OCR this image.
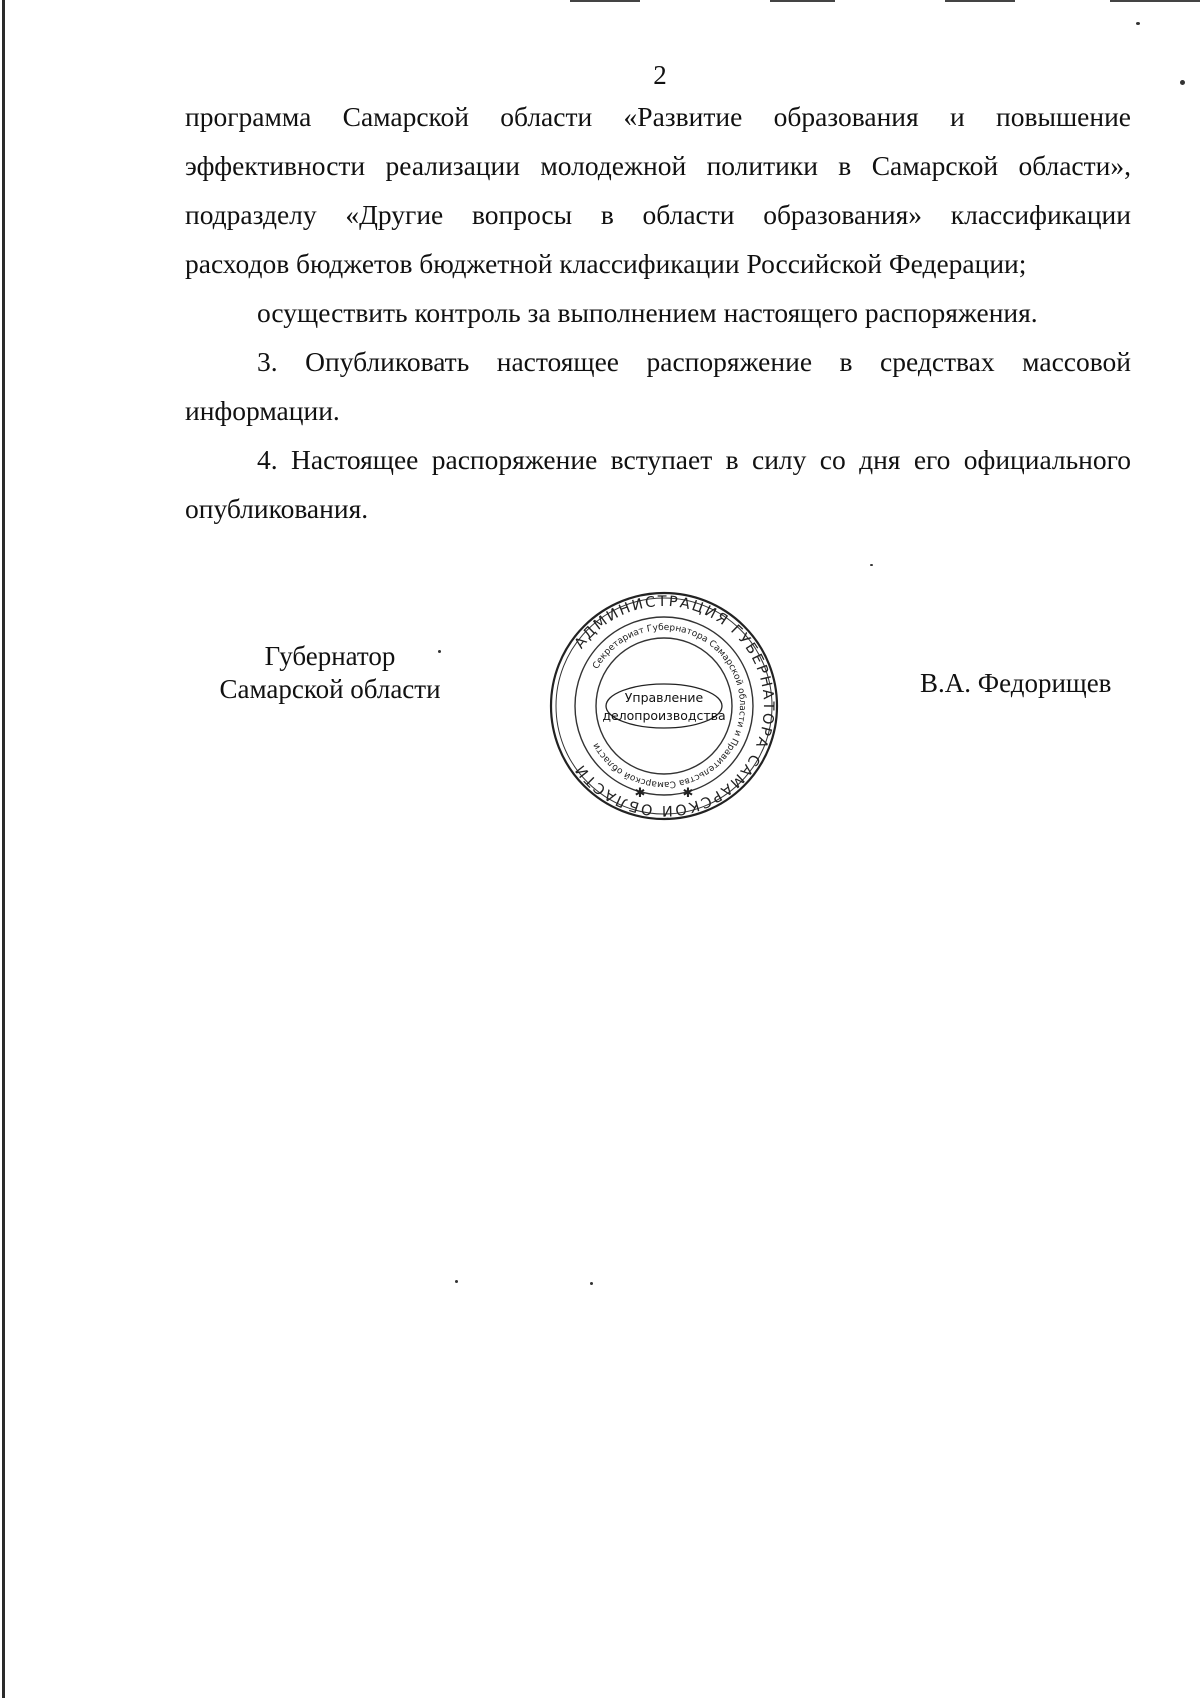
2
программа Самарской области «Развитие образования и повышение
эффективности реализации молодежной политики в Самарской области»,
подразделу «Другие вопросы в области образования» классификации
расходов бюджетов бюджетной классификации Российской Федерации;
осуществить контроль за выполнением настоящего распоряжения.
3. Опубликовать настоящее распоряжение в средствах массовой
информации.
4. Настоящее распоряжение вступает в силу со дня его официального
опубликования.
Губернатор
Самарской области
АДМИНИСТРАЦИЯ ГУБЕРНАТОРА САМАРСКОЙ ОБЛАСТИ
Секретариат Губернатора Самарской области и Правительства Самарской области
Управление
делопроизводства
✱	✱
В.А. Федорищев
